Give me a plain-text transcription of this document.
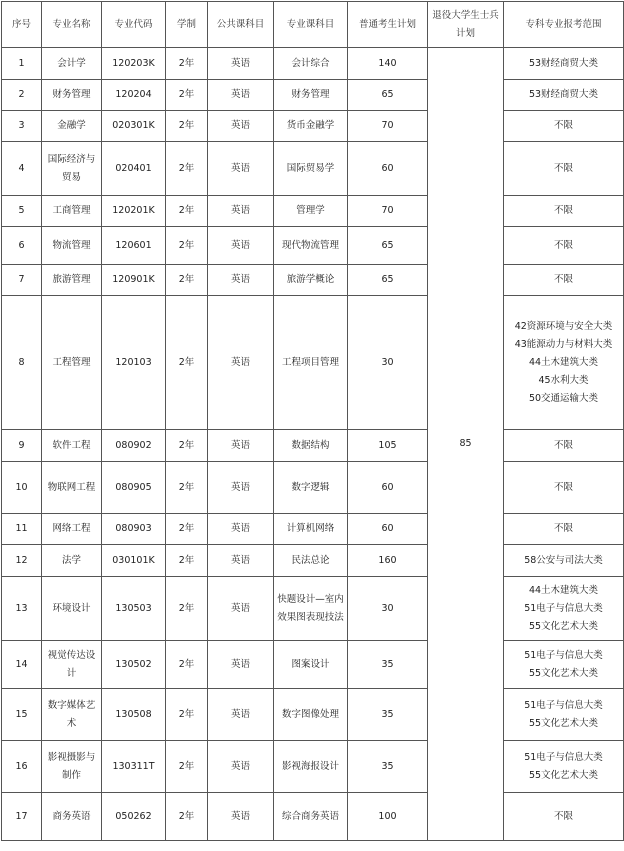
序号	专业名称	专业代码	学制	公共课科目	专业课科目	普通考生计划	退役大学生士兵计划	专科专业报考范围
1	会计学	120203K	2年	英语	会计综合	140	85	53财经商贸大类

2	财务管理	120204	2年	英语	财务管理	65		53财经商贸大类

3	金融学	020301K	2年	英语	货币金融学	70		不限

4	国际经济与贸易	020401	2年	英语	国际贸易学	60		不限

5	工商管理	120201K	2年	英语	管理学	70		不限

6	物流管理	120601	2年	英语	现代物流管理	65		不限

7	旅游管理	120901K	2年	英语	旅游学概论	65		不限

8	工程管理	120103	2年	英语	工程项目管理	30		42资源环境与安全大类
43能源动力与材料大类
44土木建筑大类
45水利大类
50交通运输大类

9	软件工程	080902	2年	英语	数据结构	105		不限

10	物联网工程	080905	2年	英语	数字逻辑	60		不限

11	网络工程	080903	2年	英语	计算机网络	60		不限

12	法学	030101K	2年	英语	民法总论	160		58公安与司法大类

13	环境设计	130503	2年	英语	快题设计—室内效果图表现技法	30		44土木建筑大类
51电子与信息大类
55文化艺术大类

14	视觉传达设计	130502	2年	英语	图案设计	35		51电子与信息大类
55文化艺术大类

15	数字媒体艺术	130508	2年	英语	数字图像处理	35		51电子与信息大类
55文化艺术大类

16	影视摄影与制作	130311T	2年	英语	影视海报设计	35		51电子与信息大类
55文化艺术大类

17	商务英语	050262	2年	英语	综合商务英语	100		不限
